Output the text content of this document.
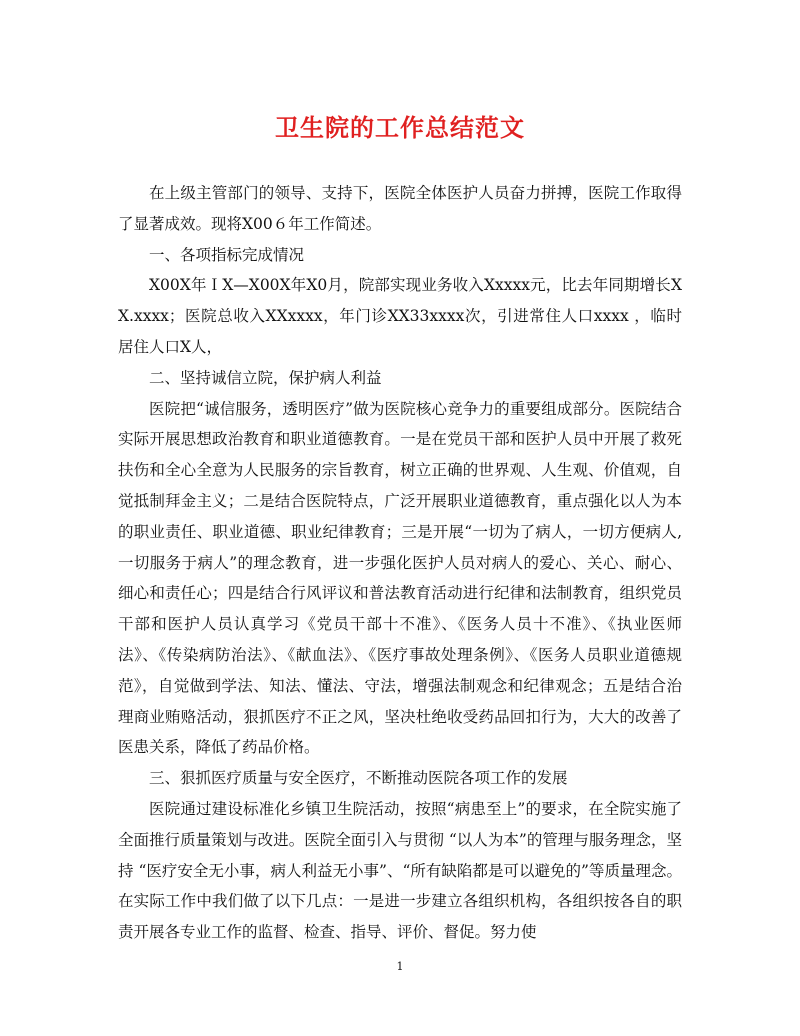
卫生院的工作总结范文

在上级主管部门的领导、支持下，医院全体医护人员奋力拼搏，医院工作取得了显著成效。现将X00６年工作简述。

一、各项指标完成情况

X00X年ＩX—X00X年X0月，院部实现业务收入Xxxxx元，比去年同期增长XX.xxxx；医院总收入XXxxxx，年门诊XX33xxxx次，引进常住人口xxxx ，临时居住人口X人，

二、坚持诚信立院，保护病人利益

医院把“诚信服务，透明医疗”做为医院核心竞争力的重要组成部分。医院结合实际开展思想政治教育和职业道德教育。一是在党员干部和医护人员中开展了救死扶伤和全心全意为人民服务的宗旨教育，树立正确的世界观、人生观、价值观，自觉抵制拜金主义；二是结合医院特点，广泛开展职业道德教育，重点强化以人为本的职业责任、职业道德、职业纪律教育；三是开展“一切为了病人，一切方便病人,一切服务于病人”的理念教育，进一步强化医护人员对病人的爱心、关心、耐心、细心和责任心；四是结合行风评议和普法教育活动进行纪律和法制教育，组织党员干部和医护人员认真学习《党员干部十不准》、《医务人员十不准》、《执业医师法》、《传染病防治法》、《献血法》、《医疗事故处理条例》、《医务人员职业道德规范》，自觉做到学法、知法、懂法、守法，增强法制观念和纪律观念；五是结合治理商业贿赂活动，狠抓医疗不正之风，坚决杜绝收受药品回扣行为，大大的改善了医患关系，降低了药品价格。

三、狠抓医疗质量与安全医疗，不断推动医院各项工作的发展

医院通过建设标准化乡镇卫生院活动，按照“病患至上”的要求，在全院实施了全面推行质量策划与改进。医院全面引入与贯彻 “以人为本”的管理与服务理念，坚持 “医疗安全无小事，病人利益无小事”、“所有缺陷都是可以避免的”等质量理念。在实际工作中我们做了以下几点：一是进一步建立各组织机构，各组织按各自的职责开展各专业工作的监督、检查、指导、评价、督促。努力使

1
